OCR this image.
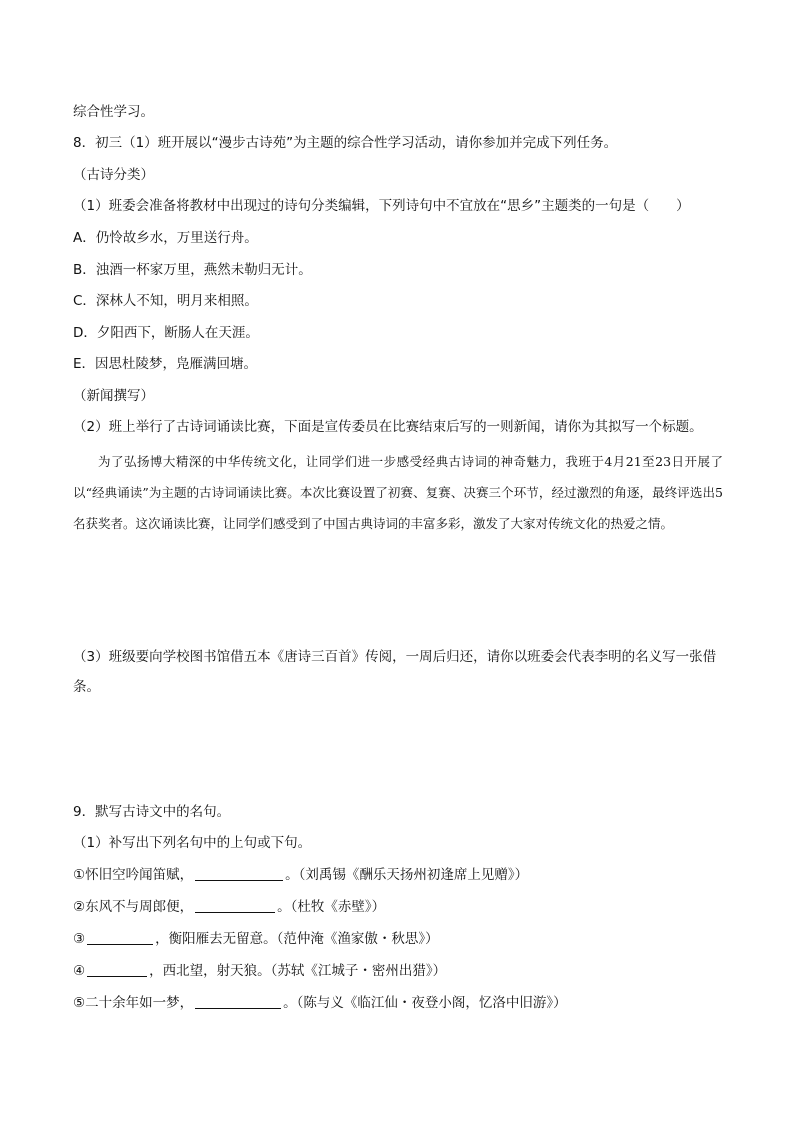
综合性学习。
8．初三（1）班开展以“漫步古诗苑”为主题的综合性学习活动，请你参加并完成下列任务。
（古诗分类）
（1）班委会准备将教材中出现过的诗句分类编辑，下列诗句中不宜放在“思乡”主题类的一句是（　　）
A．仍怜故乡水，万里送行舟。
B．浊酒一杯家万里，燕然未勒归无计。
C．深林人不知，明月来相照。
D．夕阳西下，断肠人在天涯。
E．因思杜陵梦，凫雁满回塘。
（新闻撰写）
（2）班上举行了古诗词诵读比赛，下面是宣传委员在比赛结束后写的一则新闻，请你为其拟写一个标题。
为了弘扬博大精深的中华传统文化，让同学们进一步感受经典古诗词的神奇魅力，我班于4月21至23日开展了以“经典诵读”为主题的古诗词诵读比赛。本次比赛设置了初赛、复赛、决赛三个环节，经过激烈的角逐，最终评选出5名获奖者。这次诵读比赛，让同学们感受到了中国古典诗词的丰富多彩，激发了大家对传统文化的热爱之情。
（3）班级要向学校图书馆借五本《唐诗三百首》传阅，一周后归还，请你以班委会代表李明的名义写一张借条。
9．默写古诗文中的名句。
（1）补写出下列名句中的上句或下句。
①怀旧空吟闻笛赋，	。（刘禹锡《酬乐天扬州初逢席上见赠》）
②东风不与周郎便，	。（杜牧《赤壁》）
③	，衡阳雁去无留意。（范仲淹《渔家傲・秋思》）
④	，西北望，射天狼。（苏轼《江城子・密州出猎》）
⑤二十余年如一梦，	。（陈与义《临江仙・夜登小阁，忆洛中旧游》）
